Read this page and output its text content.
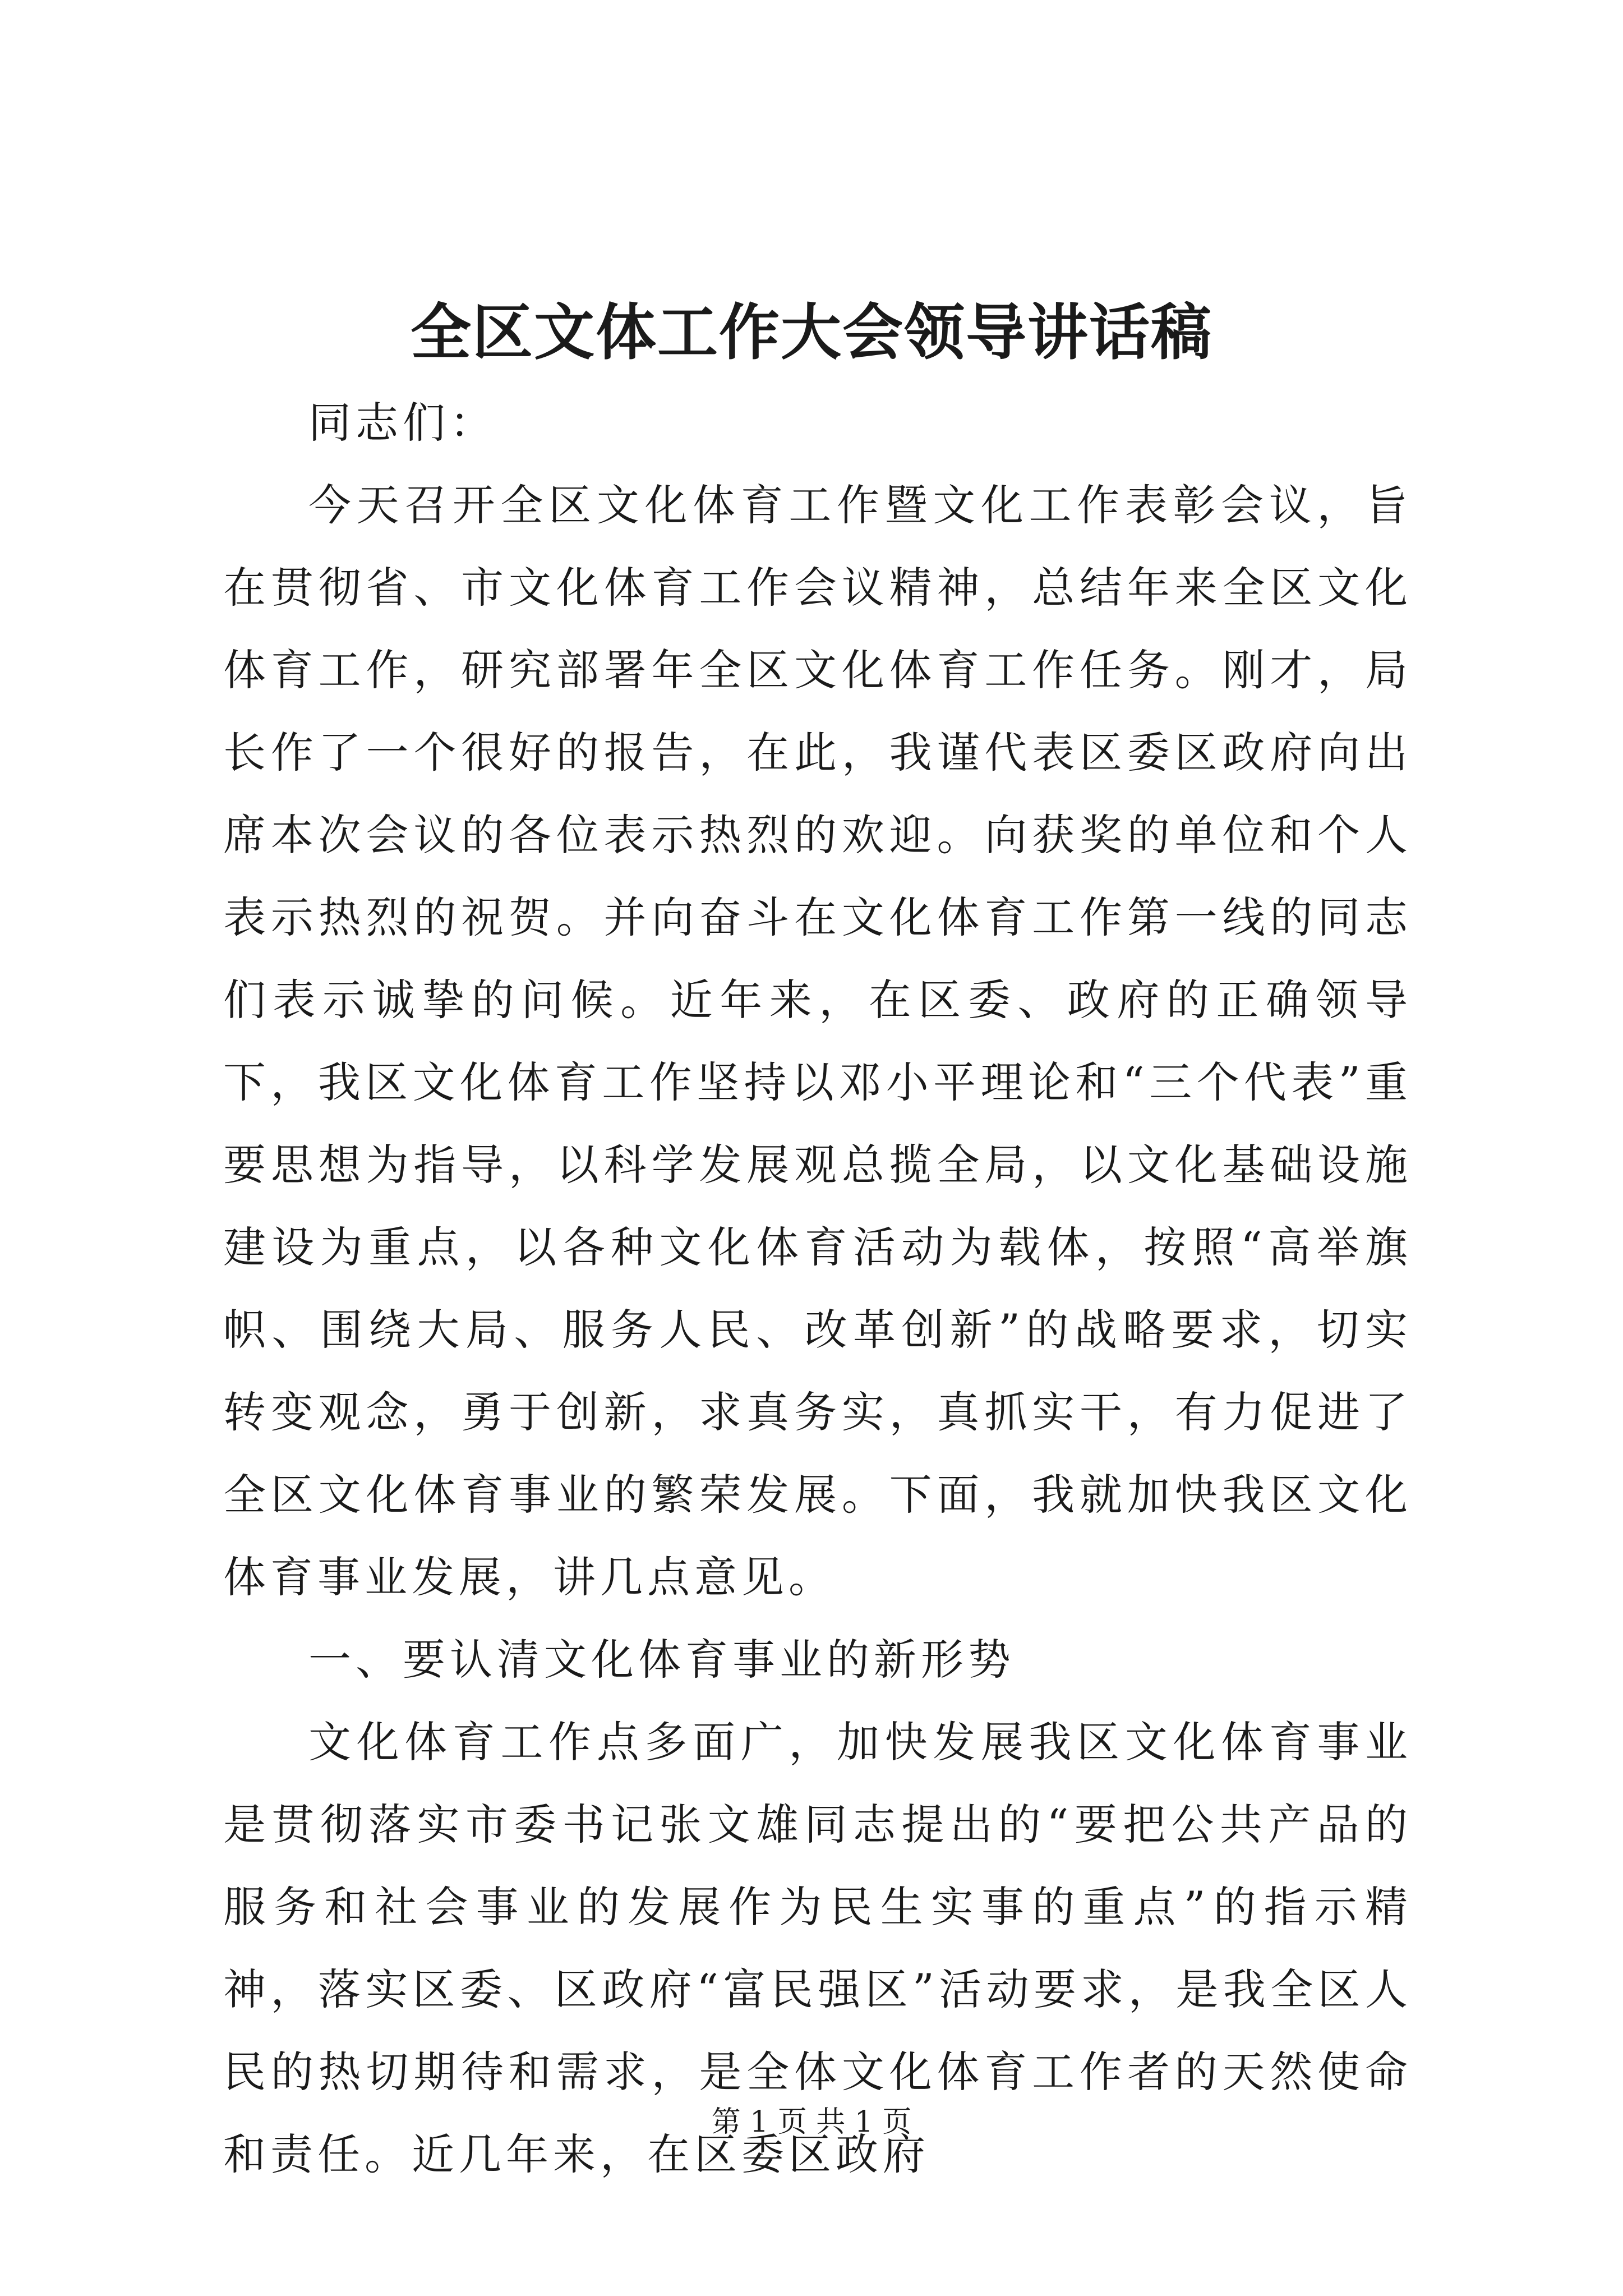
全区文体工作大会领导讲话稿

同志们：

今天召开全区文化体育工作暨文化工作表彰会议，旨在贯彻省、市文化体育工作会议精神，总结年来全区文化体育工作，研究部署年全区文化体育工作任务。刚才，局长作了一个很好的报告，在此，我谨代表区委区政府向出席本次会议的各位表示热烈的欢迎。向获奖的单位和个人表示热烈的祝贺。并向奋斗在文化体育工作第一线的同志们表示诚挚的问候。近年来，在区委、政府的正确领导下，我区文化体育工作坚持以邓小平理论和“三个代表”重要思想为指导，以科学发展观总揽全局，以文化基础设施建设为重点，以各种文化体育活动为载体，按照“高举旗帜、围绕大局、服务人民、改革创新”的战略要求，切实转变观念，勇于创新，求真务实，真抓实干，有力促进了全区文化体育事业的繁荣发展。下面，我就加快我区文化体育事业发展，讲几点意见。

一、要认清文化体育事业的新形势

文化体育工作点多面广，加快发展我区文化体育事业是贯彻落实市委书记张文雄同志提出的“要把公共产品的服务和社会事业的发展作为民生实事的重点”的指示精神，落实区委、区政府“富民强区”活动要求，是我全区人民的热切期待和需求，是全体文化体育工作者的天然使命和责任。近几年来，在区委区政府

第 1 页 共 1 页
